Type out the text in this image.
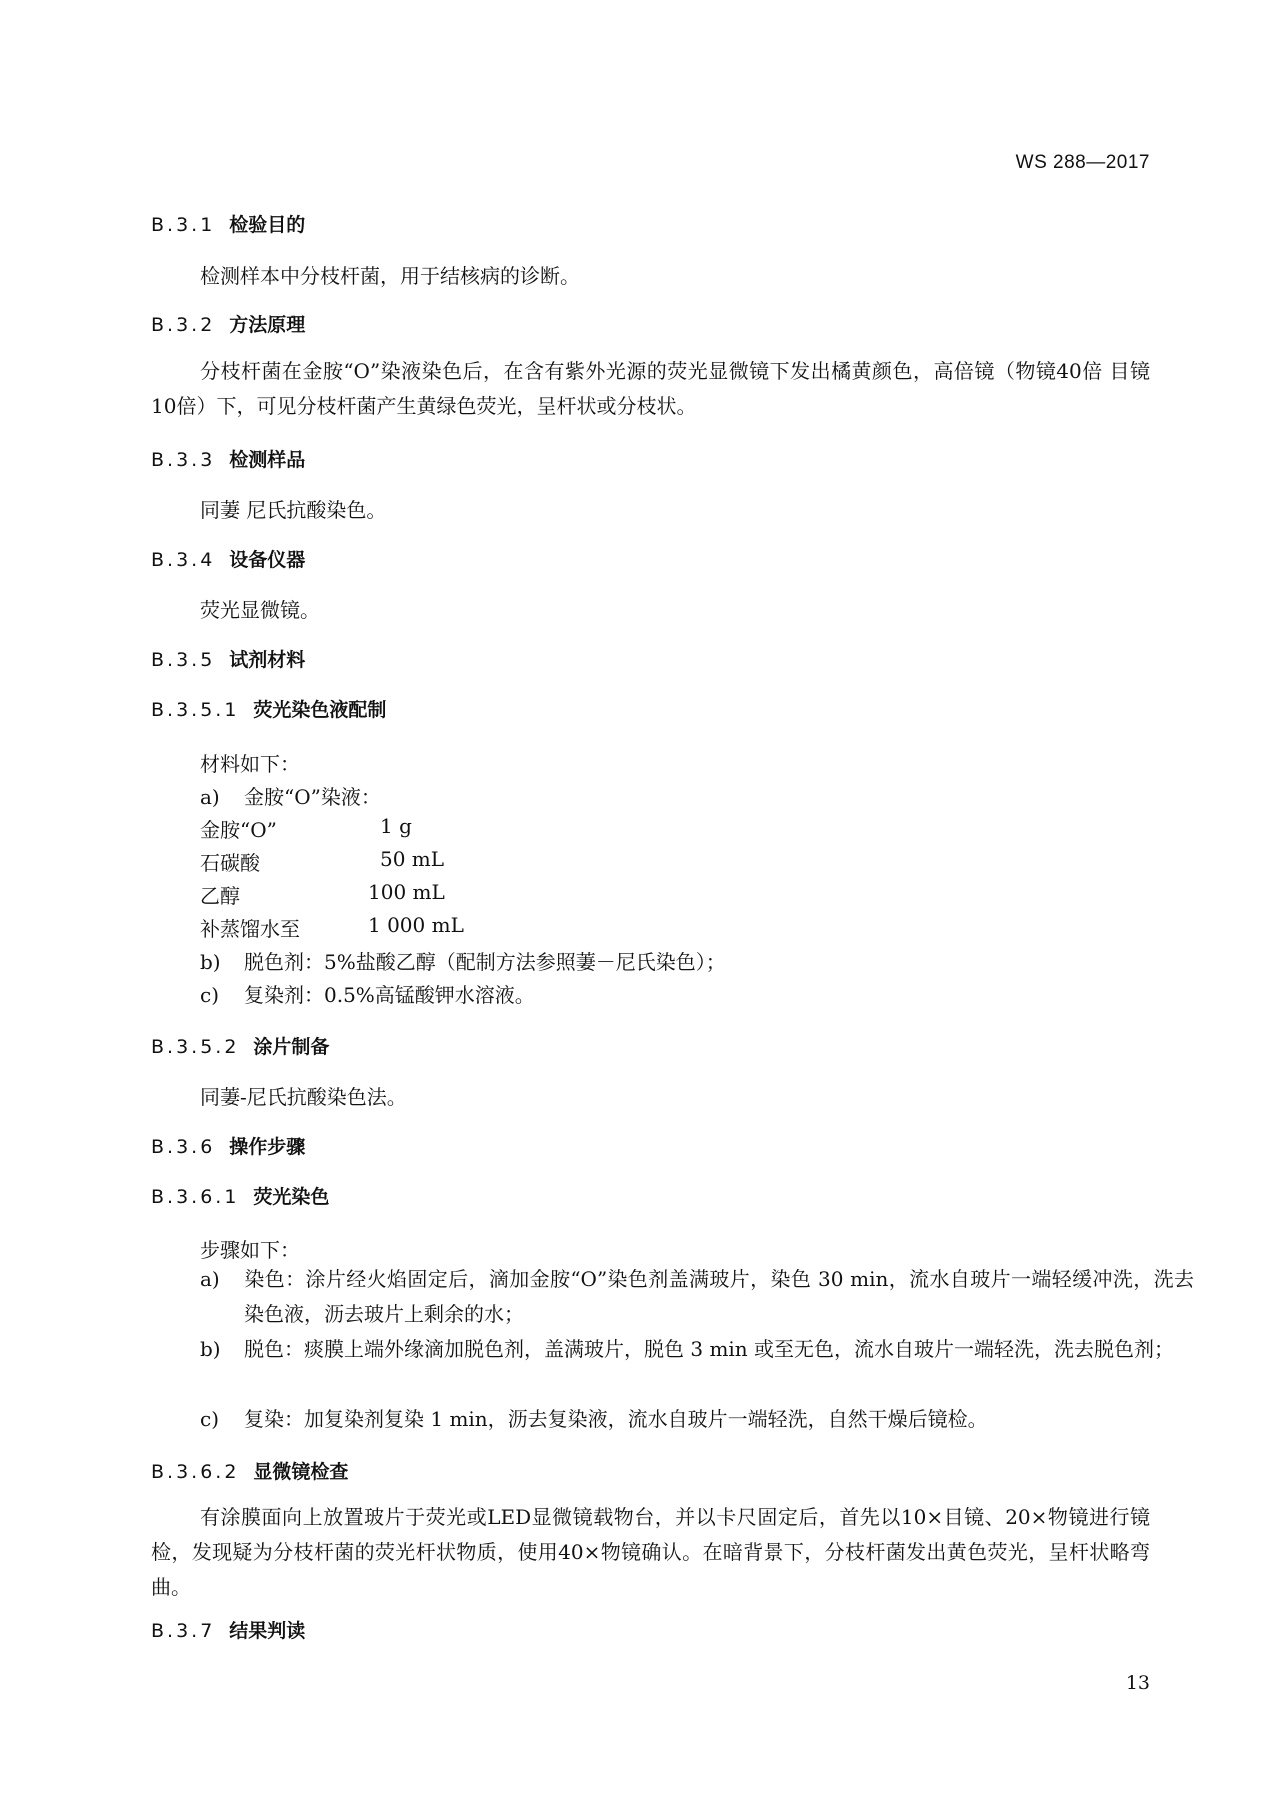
WS 288—2017
B.3.1 检验目的
检测样本中分枝杆菌，用于结核病的诊断。
B.3.2 方法原理
分枝杆菌在金胺“O”染液染色后，在含有紫外光源的荧光显微镜下发出橘黄颜色，高倍镜（物镜40倍 目镜10倍）下，可见分枝杆菌产生黄绿色荧光，呈杆状或分枝状。
B.3.3 检测样品
同萋 尼氏抗酸染色。
B.3.4 设备仪器
荧光显微镜。
B.3.5 试剂材料
B.3.5.1 荧光染色液配制
材料如下：
a) 金胺“O”染液：
金胺“O”	1 g
石碳酸	50 mL
乙醇	100 mL
补蒸馏水至	1 000 mL
b) 脱色剂：5%盐酸乙醇（配制方法参照萋－尼氏染色）；
c) 复染剂：0.5%高锰酸钾水溶液。
B.3.5.2 涂片制备
同萋-尼氏抗酸染色法。
B.3.6 操作步骤
B.3.6.1 荧光染色
步骤如下：
a) 染色：涂片经火焰固定后，滴加金胺“O”染色剂盖满玻片，染色 30 min，流水自玻片一端轻缓冲洗，洗去染色液，沥去玻片上剩余的水；
b) 脱色：痰膜上端外缘滴加脱色剂，盖满玻片，脱色 3 min 或至无色，流水自玻片一端轻洗，洗去脱色剂；
c) 复染：加复染剂复染 1 min，沥去复染液，流水自玻片一端轻洗，自然干燥后镜检。
B.3.6.2 显微镜检查
有涂膜面向上放置玻片于荧光或LED显微镜载物台，并以卡尺固定后，首先以10×目镜、20×物镜进行镜检，发现疑为分枝杆菌的荧光杆状物质，使用40×物镜确认。在暗背景下，分枝杆菌发出黄色荧光，呈杆状略弯曲。
B.3.7 结果判读
13
